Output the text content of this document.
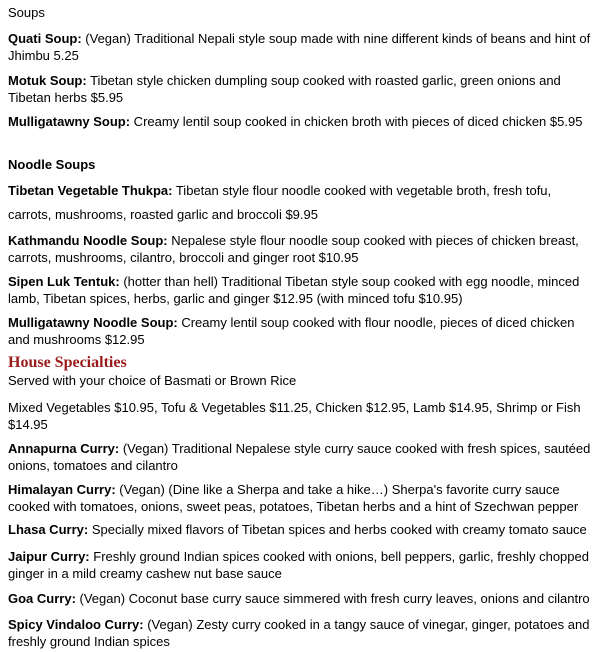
Soups

Quati Soup: (Vegan) Traditional Nepali style soup made with nine different kinds of beans and hint of Jhimbu 5.25

Motuk Soup: Tibetan style chicken dumpling soup cooked with roasted garlic, green onions and Tibetan herbs $5.95

Mulligatawny Soup: Creamy lentil soup cooked in chicken broth with pieces of diced chicken $5.95

Noodle Soups

Tibetan Vegetable Thukpa: Tibetan style flour noodle cooked with vegetable broth, fresh tofu,

carrots, mushrooms, roasted garlic and broccoli $9.95

Kathmandu Noodle Soup: Nepalese style flour noodle soup cooked with pieces of chicken breast, carrots, mushrooms, cilantro, broccoli and ginger root $10.95

Sipen Luk Tentuk: (hotter than hell) Traditional Tibetan style soup cooked with egg noodle, minced lamb, Tibetan spices, herbs, garlic and ginger $12.95 (with minced tofu $10.95)

Mulligatawny Noodle Soup: Creamy lentil soup cooked with flour noodle, pieces of diced chicken and mushrooms $12.95

House Specialties

Served with your choice of Basmati or Brown Rice

Mixed Vegetables $10.95, Tofu & Vegetables $11.25, Chicken $12.95, Lamb $14.95, Shrimp or Fish $14.95

Annapurna Curry: (Vegan) Traditional Nepalese style curry sauce cooked with fresh spices, sautéed onions, tomatoes and cilantro

Himalayan Curry: (Vegan) (Dine like a Sherpa and take a hike…) Sherpa's favorite curry sauce cooked with tomatoes, onions, sweet peas, potatoes, Tibetan herbs and a hint of Szechwan pepper

Lhasa Curry: Specially mixed flavors of Tibetan spices and herbs cooked with creamy tomato sauce

Jaipur Curry: Freshly ground Indian spices cooked with onions, bell peppers, garlic, freshly chopped ginger in a mild creamy cashew nut base sauce

Goa Curry: (Vegan) Coconut base curry sauce simmered with fresh curry leaves, onions and cilantro

Spicy Vindaloo Curry: (Vegan) Zesty curry cooked in a tangy sauce of vinegar, ginger, potatoes and freshly ground Indian spices
